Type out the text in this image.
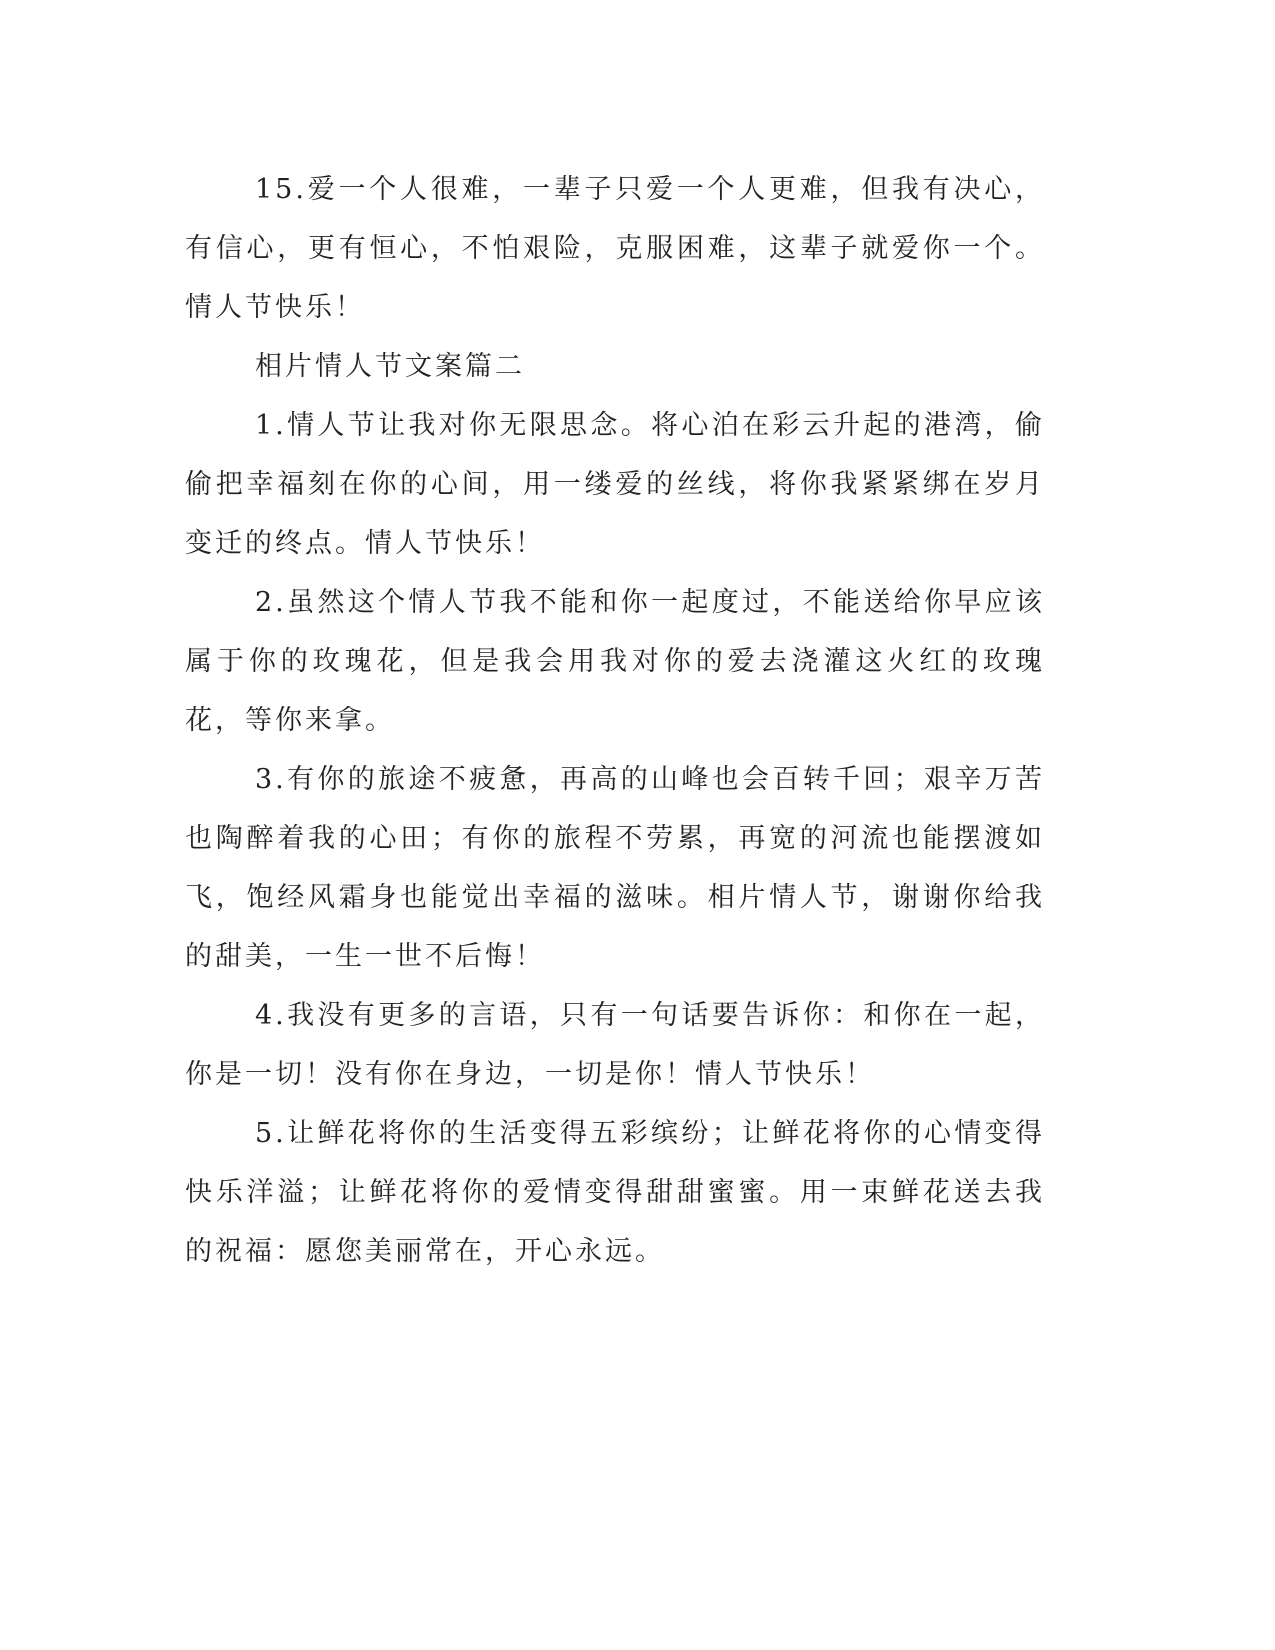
15.爱一个人很难，一辈子只爱一个人更难，但我有决心，有信心，更有恒心，不怕艰险，克服困难，这辈子就爱你一个。情人节快乐！

相片情人节文案篇二

1.情人节让我对你无限思念。将心泊在彩云升起的港湾，偷偷把幸福刻在你的心间，用一缕爱的丝线，将你我紧紧绑在岁月变迁的终点。情人节快乐！

2.虽然这个情人节我不能和你一起度过，不能送给你早应该属于你的玫瑰花，但是我会用我对你的爱去浇灌这火红的玫瑰花，等你来拿。

3.有你的旅途不疲惫，再高的山峰也会百转千回；艰辛万苦也陶醉着我的心田；有你的旅程不劳累，再宽的河流也能摆渡如飞，饱经风霜身也能觉出幸福的滋味。相片情人节，谢谢你给我的甜美，一生一世不后悔！

4.我没有更多的言语，只有一句话要告诉你：和你在一起，你是一切！没有你在身边，一切是你！情人节快乐！

5.让鲜花将你的生活变得五彩缤纷；让鲜花将你的心情变得快乐洋溢；让鲜花将你的爱情变得甜甜蜜蜜。用一束鲜花送去我的祝福：愿您美丽常在，开心永远。
